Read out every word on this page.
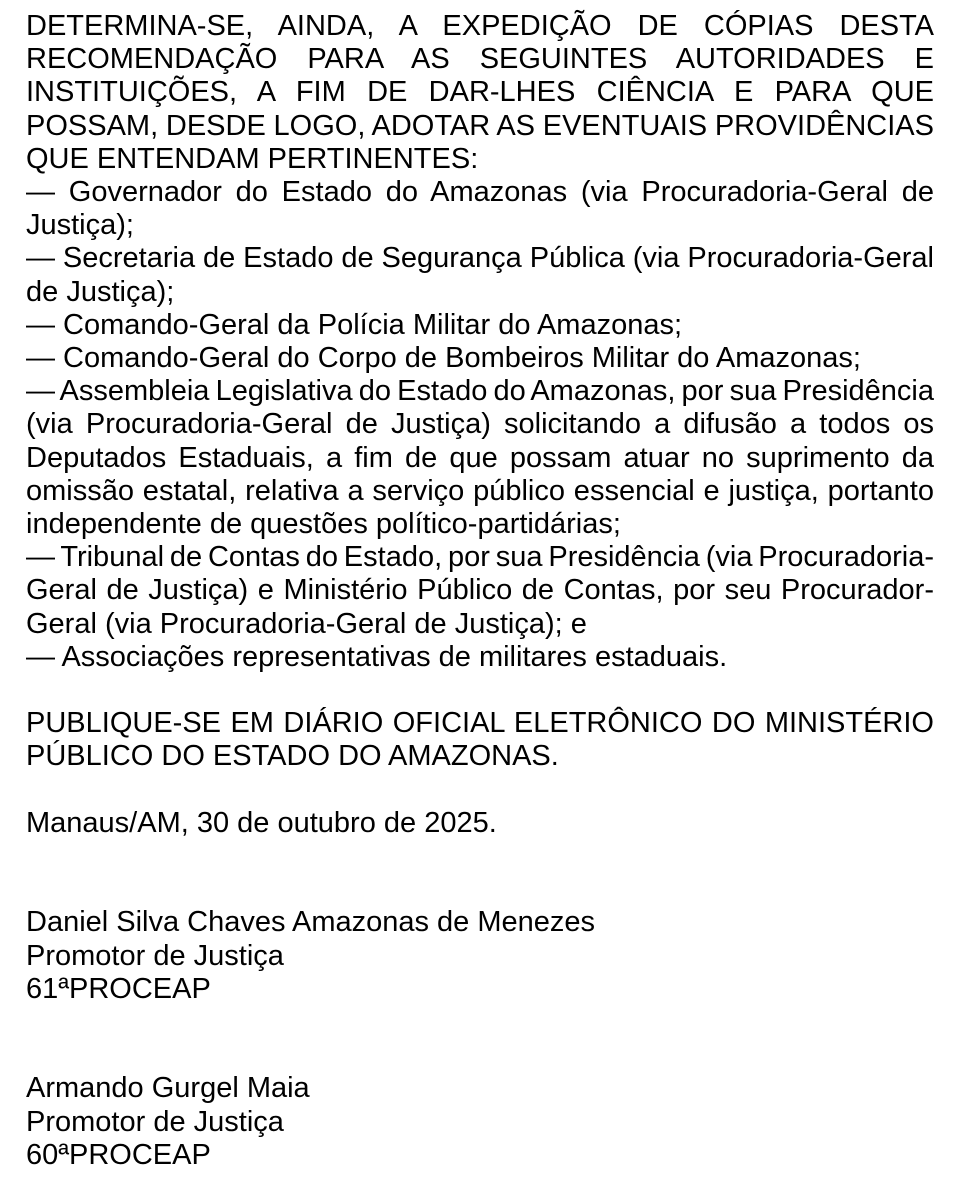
DETERMINA-SE, AINDA, A EXPEDIÇÃO DE CÓPIAS DESTA
RECOMENDAÇÃO PARA AS SEGUINTES AUTORIDADES E
INSTITUIÇÕES, A FIM DE DAR-LHES CIÊNCIA E PARA QUE
POSSAM, DESDE LOGO, ADOTAR AS EVENTUAIS PROVIDÊNCIAS
QUE ENTENDAM PERTINENTES:
— Governador do Estado do Amazonas (via Procuradoria-Geral de
Justiça);
— Secretaria de Estado de Segurança Pública (via Procuradoria-Geral
de Justiça);
— Comando-Geral da Polícia Militar do Amazonas;
— Comando-Geral do Corpo de Bombeiros Militar do Amazonas;
— Assembleia Legislativa do Estado do Amazonas, por sua Presidência
(via Procuradoria-Geral de Justiça) solicitando a difusão a todos os
Deputados Estaduais, a fim de que possam atuar no suprimento da
omissão estatal, relativa a serviço público essencial e justiça, portanto
independente de questões político-partidárias;
— Tribunal de Contas do Estado, por sua Presidência (via Procuradoria-
Geral de Justiça) e Ministério Público de Contas, por seu Procurador-
Geral (via Procuradoria-Geral de Justiça); e
— Associações representativas de militares estaduais.
PUBLIQUE-SE EM DIÁRIO OFICIAL ELETRÔNICO DO MINISTÉRIO
PÚBLICO DO ESTADO DO AMAZONAS.
Manaus/AM, 30 de outubro de 2025.
Daniel Silva Chaves Amazonas de Menezes
Promotor de Justiça
61ªPROCEAP
Armando Gurgel Maia
Promotor de Justiça
60ªPROCEAP
